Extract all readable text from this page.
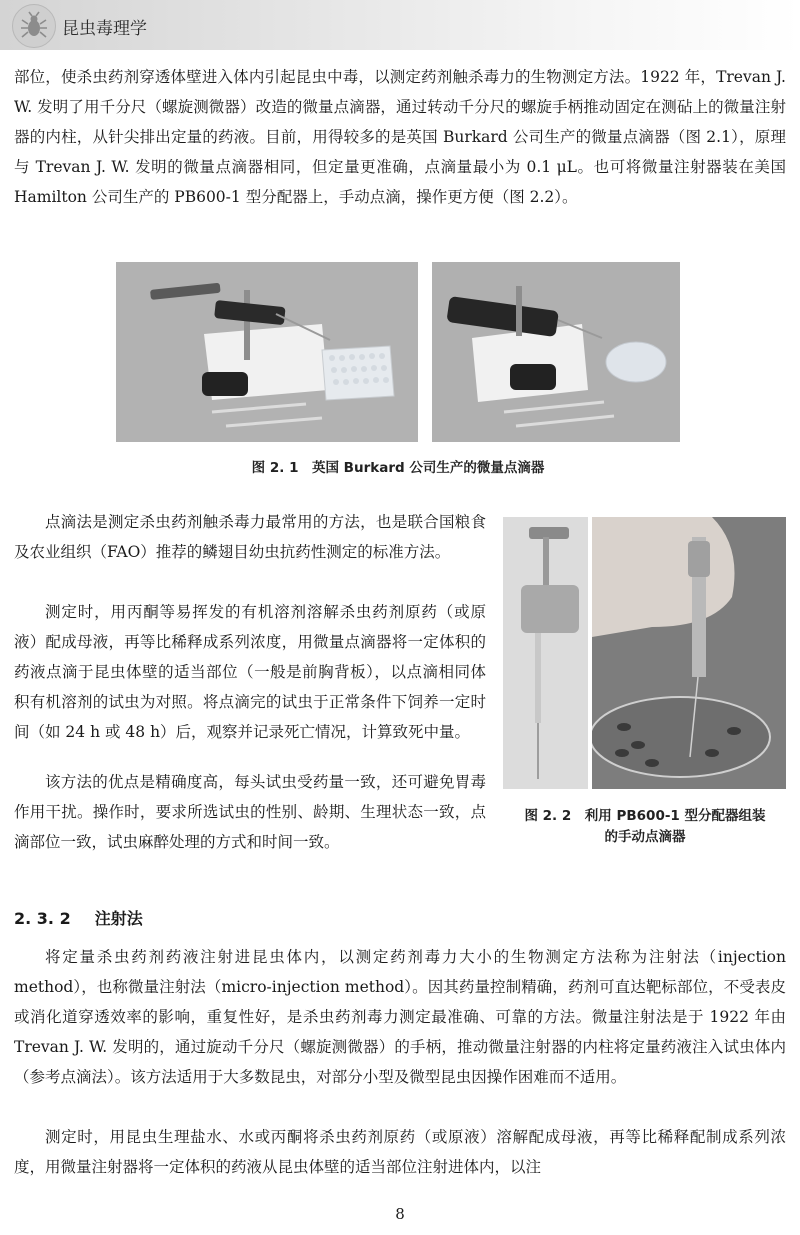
昆虫毒理学

部位，使杀虫药剂穿透体壁进入体内引起昆虫中毒，以测定药剂触杀毒力的生物测定方法。1922 年，Trevan J. W. 发明了用千分尺（螺旋测微器）改造的微量点滴器，通过转动千分尺的螺旋手柄推动固定在测砧上的微量注射器的内柱，从针尖排出定量的药液。目前，用得较多的是英国 Burkard 公司生产的微量点滴器（图 2.1），原理与 Trevan J. W. 发明的微量点滴器相同，但定量更准确，点滴量最小为 0.1 μL。也可将微量注射器装在美国 Hamilton 公司生产的 PB600-1 型分配器上，手动点滴，操作更方便（图 2.2）。

图 2. 1　英国 Burkard 公司生产的微量点滴器

点滴法是测定杀虫药剂触杀毒力最常用的方法，也是联合国粮食及农业组织（FAO）推荐的鳞翅目幼虫抗药性测定的标准方法。

测定时，用丙酮等易挥发的有机溶剂溶解杀虫药剂原药（或原液）配成母液，再等比稀释成系列浓度，用微量点滴器将一定体积的药液点滴于昆虫体壁的适当部位（一般是前胸背板），以点滴相同体积有机溶剂的试虫为对照。将点滴完的试虫于正常条件下饲养一定时间（如 24 h 或 48 h）后，观察并记录死亡情况，计算致死中量。

该方法的优点是精确度高，每头试虫受药量一致，还可避免胃毒作用干扰。操作时，要求所选试虫的性别、龄期、生理状态一致，点滴部位一致，试虫麻醉处理的方式和时间一致。

图 2. 2　利用 PB600-1 型分配器组装
的手动点滴器
2. 3. 2 注射法

将定量杀虫药剂药液注射进昆虫体内，以测定药剂毒力大小的生物测定方法称为注射法（injection method），也称微量注射法（micro-injection method）。因其药量控制精确，药剂可直达靶标部位，不受表皮或消化道穿透效率的影响，重复性好，是杀虫药剂毒力测定最准确、可靠的方法。微量注射法是于 1922 年由 Trevan J. W. 发明的，通过旋动千分尺（螺旋测微器）的手柄，推动微量注射器的内柱将定量药液注入试虫体内（参考点滴法）。该方法适用于大多数昆虫，对部分小型及微型昆虫因操作困难而不适用。

测定时，用昆虫生理盐水、水或丙酮将杀虫药剂原药（或原液）溶解配成母液，再等比稀释配制成系列浓度，用微量注射器将一定体积的药液从昆虫体壁的适当部位注射进体内，以注

8
